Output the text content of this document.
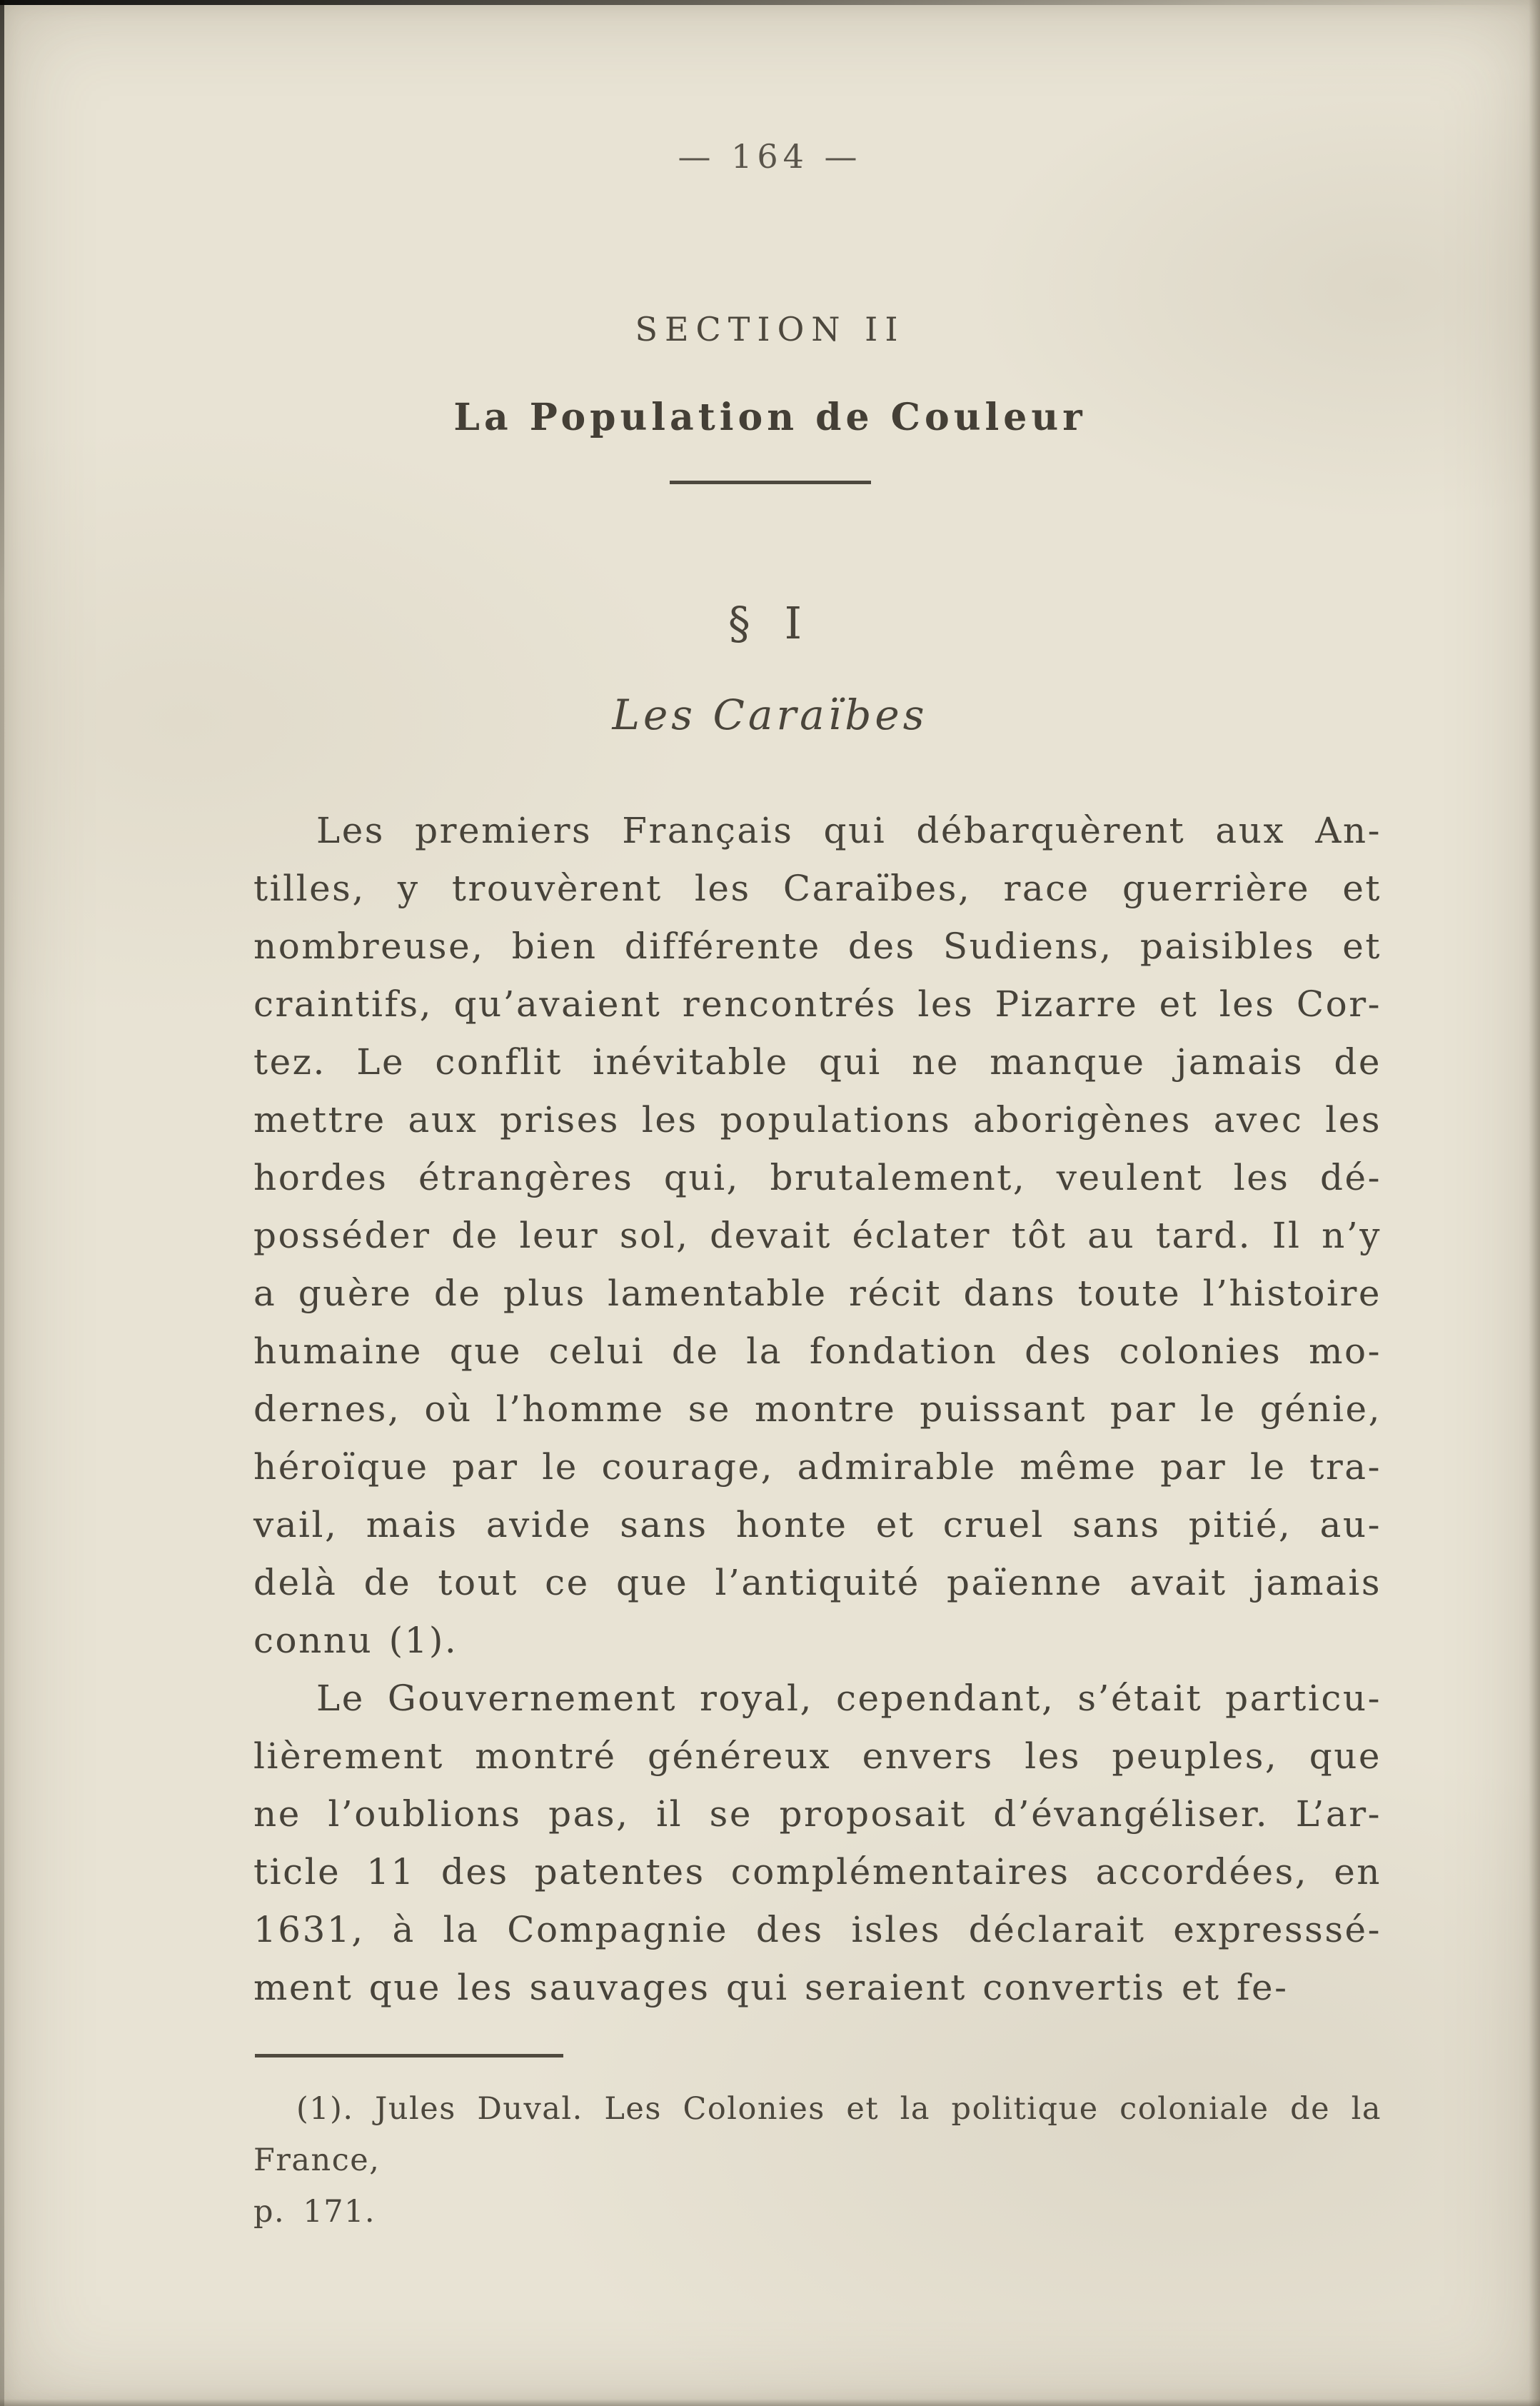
— 164 —
SECTION II
La Population de Couleur
§ I
Les Caraïbes
Les premiers Français qui débarquèrent aux An-
tilles, y trouvèrent les Caraïbes, race guerrière et
nombreuse, bien différente des Sudiens, paisibles et
craintifs, qu’avaient rencontrés les Pizarre et les Cor-
tez. Le conflit inévitable qui ne manque jamais de
mettre aux prises les populations aborigènes avec les
hordes étrangères qui, brutalement, veulent les dé-
posséder de leur sol, devait éclater tôt au tard. Il n’y
a guère de plus lamentable récit dans toute l’histoire
humaine que celui de la fondation des colonies mo-
dernes, où l’homme se montre puissant par le génie,
héroïque par le courage, admirable même par le tra-
vail, mais avide sans honte et cruel sans pitié, au-
delà de tout ce que l’antiquité païenne avait jamais
connu (1).
Le Gouvernement royal, cependant, s’était particu-
lièrement montré généreux envers les peuples, que
ne l’oublions pas, il se proposait d’évangéliser. L’ar-
ticle 11 des patentes complémentaires accordées, en
1631, à la Compagnie des isles déclarait expresssé-
ment que les sauvages qui seraient convertis et fe-
(1). Jules Duval. Les Colonies et la politique coloniale de la France,
p. 171.
